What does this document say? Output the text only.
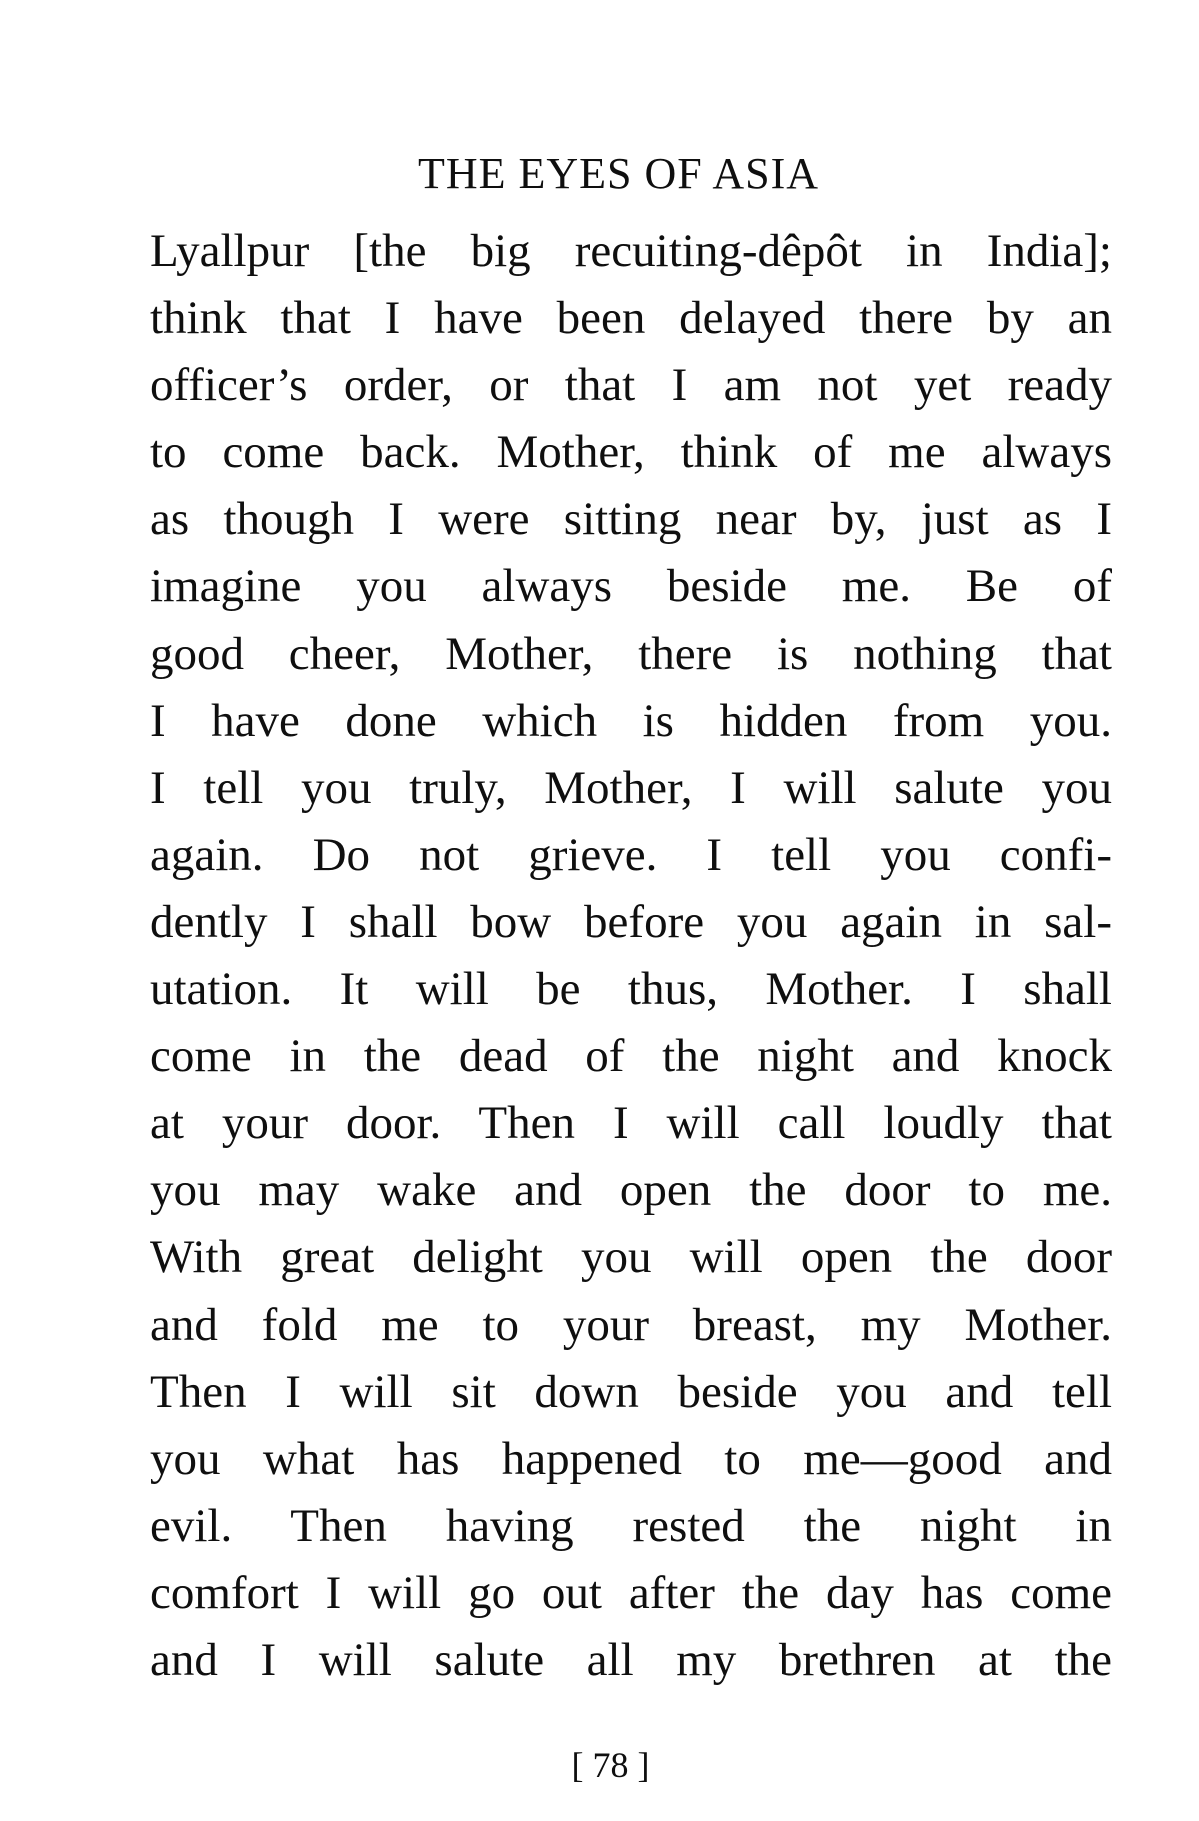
THE EYES OF ASIA
Lyallpur [the big recuiting-dêpôt in India];
think that I have been delayed there by an
officer’s order, or that I am not yet ready
to come back. Mother, think of me always
as though I were sitting near by, just as I
imagine you always beside me. Be of
good cheer, Mother, there is nothing that
I have done which is hidden from you.
I tell you truly, Mother, I will salute you
again. Do not grieve. I tell you confi-
dently I shall bow before you again in sal-
utation. It will be thus, Mother. I shall
come in the dead of the night and knock
at your door. Then I will call loudly that
you may wake and open the door to me.
With great delight you will open the door
and fold me to your breast, my Mother.
Then I will sit down beside you and tell
you what has happened to me—good and
evil. Then having rested the night in
comfort I will go out after the day has come
and I will salute all my brethren at the
[ 78 ]
